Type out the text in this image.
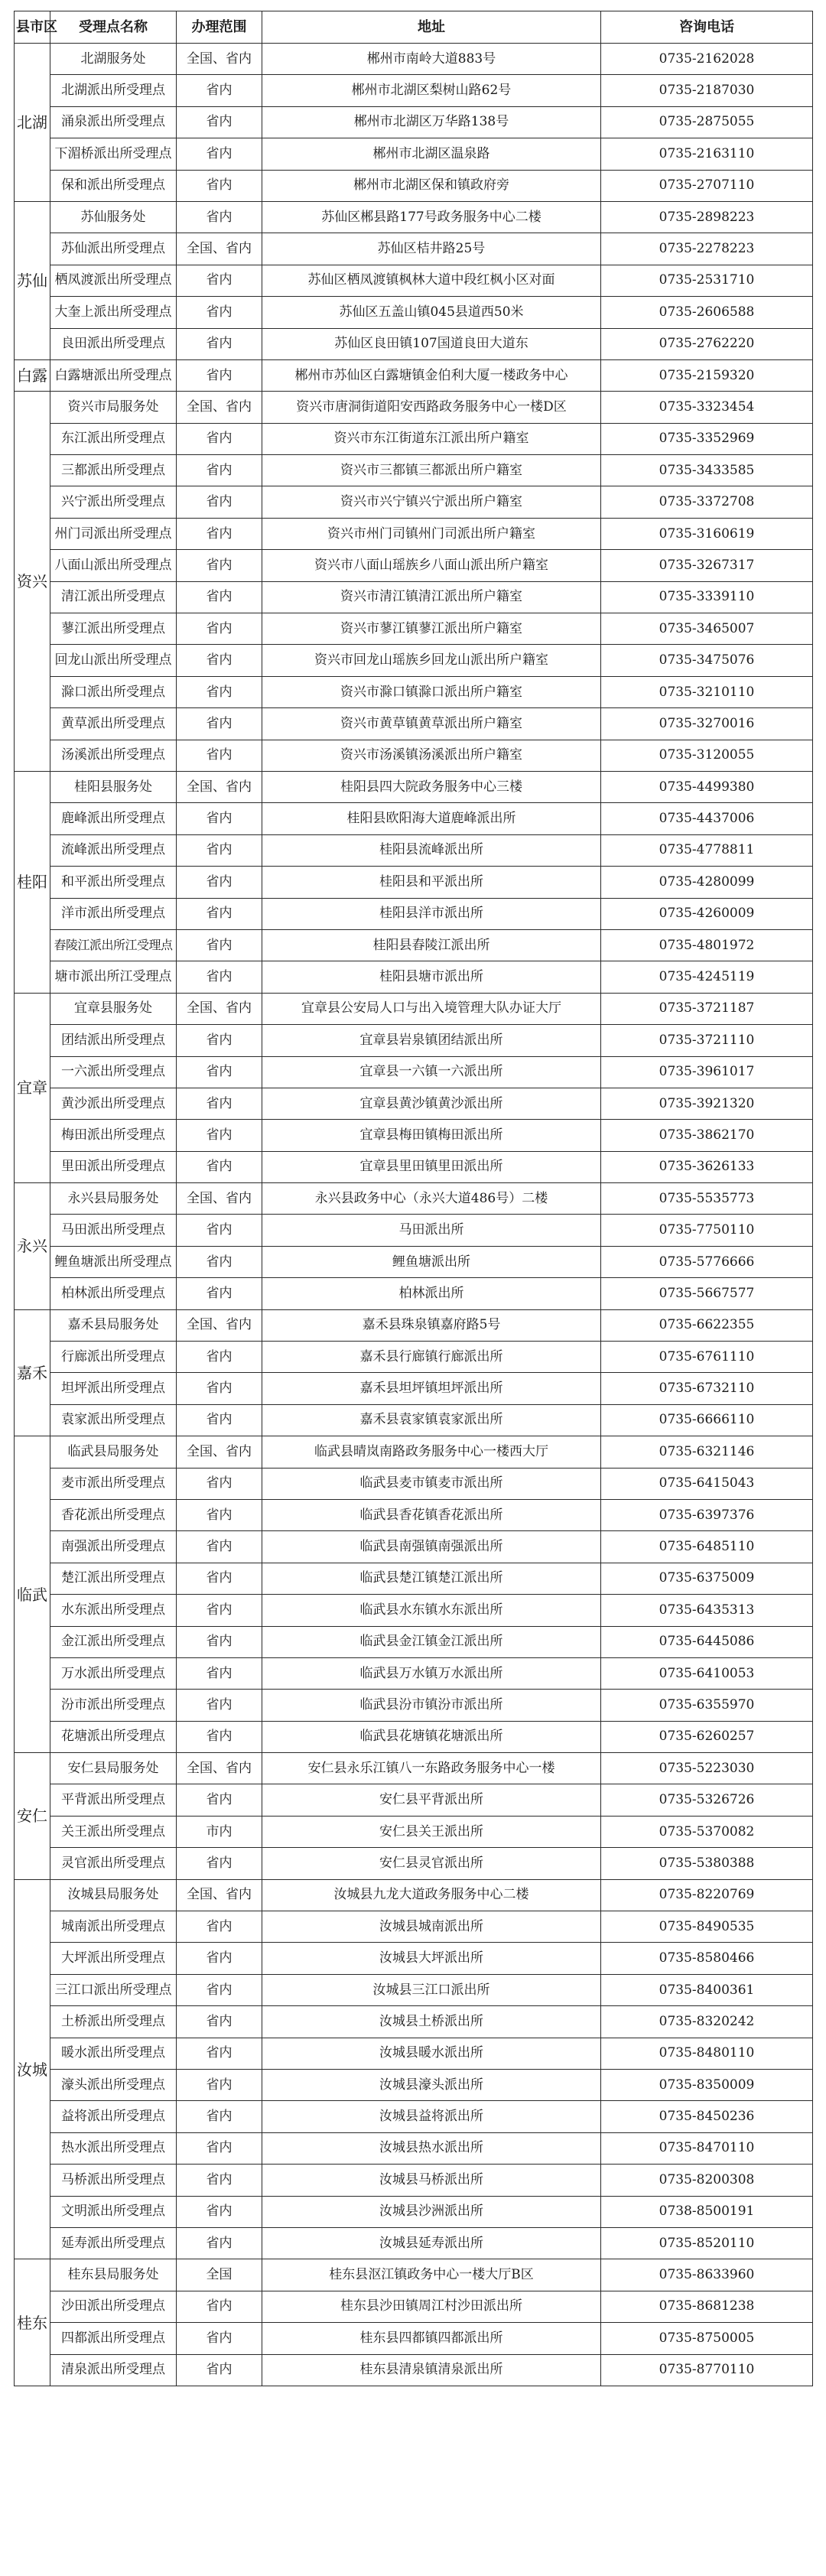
县市区	受理点名称	办理范围	地址	咨询电话
北湖	北湖服务处	全国、省内	郴州市南岭大道883号	0735-2162028
	北湖派出所受理点	省内	郴州市北湖区梨树山路62号	0735-2187030
	涌泉派出所受理点	省内	郴州市北湖区万华路138号	0735-2875055
	下湄桥派出所受理点	省内	郴州市北湖区温泉路	0735-2163110
	保和派出所受理点	省内	郴州市北湖区保和镇政府旁	0735-2707110
苏仙	苏仙服务处	省内	苏仙区郴县路177号政务服务中心二楼	0735-2898223
	苏仙派出所受理点	全国、省内	苏仙区桔井路25号	0735-2278223
	栖凤渡派出所受理点	省内	苏仙区栖凤渡镇枫林大道中段红枫小区对面	0735-2531710
	大奎上派出所受理点	省内	苏仙区五盖山镇045县道西50米	0735-2606588
	良田派出所受理点	省内	苏仙区良田镇107国道良田大道东	0735-2762220
白露	白露塘派出所受理点	省内	郴州市苏仙区白露塘镇金伯利大厦一楼政务中心	0735-2159320
资兴	资兴市局服务处	全国、省内	资兴市唐洞街道阳安西路政务服务中心一楼D区	0735-3323454
	东江派出所受理点	省内	资兴市东江街道东江派出所户籍室	0735-3352969
	三都派出所受理点	省内	资兴市三都镇三都派出所户籍室	0735-3433585
	兴宁派出所受理点	省内	资兴市兴宁镇兴宁派出所户籍室	0735-3372708
	州门司派出所受理点	省内	资兴市州门司镇州门司派出所户籍室	0735-3160619
	八面山派出所受理点	省内	资兴市八面山瑶族乡八面山派出所户籍室	0735-3267317
	清江派出所受理点	省内	资兴市清江镇清江派出所户籍室	0735-3339110
	蓼江派出所受理点	省内	资兴市蓼江镇蓼江派出所户籍室	0735-3465007
	回龙山派出所受理点	省内	资兴市回龙山瑶族乡回龙山派出所户籍室	0735-3475076
	滁口派出所受理点	省内	资兴市滁口镇滁口派出所户籍室	0735-3210110
	黄草派出所受理点	省内	资兴市黄草镇黄草派出所户籍室	0735-3270016
	汤溪派出所受理点	省内	资兴市汤溪镇汤溪派出所户籍室	0735-3120055
桂阳	桂阳县服务处	全国、省内	桂阳县四大院政务服务中心三楼	0735-4499380
	鹿峰派出所受理点	省内	桂阳县欧阳海大道鹿峰派出所	0735-4437006
	流峰派出所受理点	省内	桂阳县流峰派出所	0735-4778811
	和平派出所受理点	省内	桂阳县和平派出所	0735-4280099
	洋市派出所受理点	省内	桂阳县洋市派出所	0735-4260009
	舂陵江派出所江受理点	省内	桂阳县舂陵江派出所	0735-4801972
	塘市派出所江受理点	省内	桂阳县塘市派出所	0735-4245119
宜章	宜章县服务处	全国、省内	宜章县公安局人口与出入境管理大队办证大厅	0735-3721187
	团结派出所受理点	省内	宜章县岩泉镇团结派出所	0735-3721110
	一六派出所受理点	省内	宜章县一六镇一六派出所	0735-3961017
	黄沙派出所受理点	省内	宜章县黄沙镇黄沙派出所	0735-3921320
	梅田派出所受理点	省内	宜章县梅田镇梅田派出所	0735-3862170
	里田派出所受理点	省内	宜章县里田镇里田派出所	0735-3626133
永兴	永兴县局服务处	全国、省内	永兴县政务中心（永兴大道486号）二楼	0735-5535773
	马田派出所受理点	省内	马田派出所	0735-7750110
	鲤鱼塘派出所受理点	省内	鲤鱼塘派出所	0735-5776666
	柏林派出所受理点	省内	柏林派出所	0735-5667577
嘉禾	嘉禾县局服务处	全国、省内	嘉禾县珠泉镇嘉府路5号	0735-6622355
	行廊派出所受理点	省内	嘉禾县行廊镇行廊派出所	0735-6761110
	坦坪派出所受理点	省内	嘉禾县坦坪镇坦坪派出所	0735-6732110
	袁家派出所受理点	省内	嘉禾县袁家镇袁家派出所	0735-6666110
临武	临武县局服务处	全国、省内	临武县晴岚南路政务服务中心一楼西大厅	0735-6321146
	麦市派出所受理点	省内	临武县麦市镇麦市派出所	0735-6415043
	香花派出所受理点	省内	临武县香花镇香花派出所	0735-6397376
	南强派出所受理点	省内	临武县南强镇南强派出所	0735-6485110
	楚江派出所受理点	省内	临武县楚江镇楚江派出所	0735-6375009
	水东派出所受理点	省内	临武县水东镇水东派出所	0735-6435313
	金江派出所受理点	省内	临武县金江镇金江派出所	0735-6445086
	万水派出所受理点	省内	临武县万水镇万水派出所	0735-6410053
	汾市派出所受理点	省内	临武县汾市镇汾市派出所	0735-6355970
	花塘派出所受理点	省内	临武县花塘镇花塘派出所	0735-6260257
安仁	安仁县局服务处	全国、省内	安仁县永乐江镇八一东路政务服务中心一楼	0735-5223030
	平背派出所受理点	省内	安仁县平背派出所	0735-5326726
	关王派出所受理点	市内	安仁县关王派出所	0735-5370082
	灵官派出所受理点	省内	安仁县灵官派出所	0735-5380388
汝城	汝城县局服务处	全国、省内	汝城县九龙大道政务服务中心二楼	0735-8220769
	城南派出所受理点	省内	汝城县城南派出所	0735-8490535
	大坪派出所受理点	省内	汝城县大坪派出所	0735-8580466
	三江口派出所受理点	省内	汝城县三江口派出所	0735-8400361
	土桥派出所受理点	省内	汝城县土桥派出所	0735-8320242
	暖水派出所受理点	省内	汝城县暖水派出所	0735-8480110
	濠头派出所受理点	省内	汝城县濠头派出所	0735-8350009
	益将派出所受理点	省内	汝城县益将派出所	0735-8450236
	热水派出所受理点	省内	汝城县热水派出所	0735-8470110
	马桥派出所受理点	省内	汝城县马桥派出所	0735-8200308
	文明派出所受理点	省内	汝城县沙洲派出所	0738-8500191
	延寿派出所受理点	省内	汝城县延寿派出所	0735-8520110
桂东	桂东县局服务处	全国	桂东县沤江镇政务中心一楼大厅B区	0735-8633960
	沙田派出所受理点	省内	桂东县沙田镇周江村沙田派出所	0735-8681238
	四都派出所受理点	省内	桂东县四都镇四都派出所	0735-8750005
	清泉派出所受理点	省内	桂东县清泉镇清泉派出所	0735-8770110
